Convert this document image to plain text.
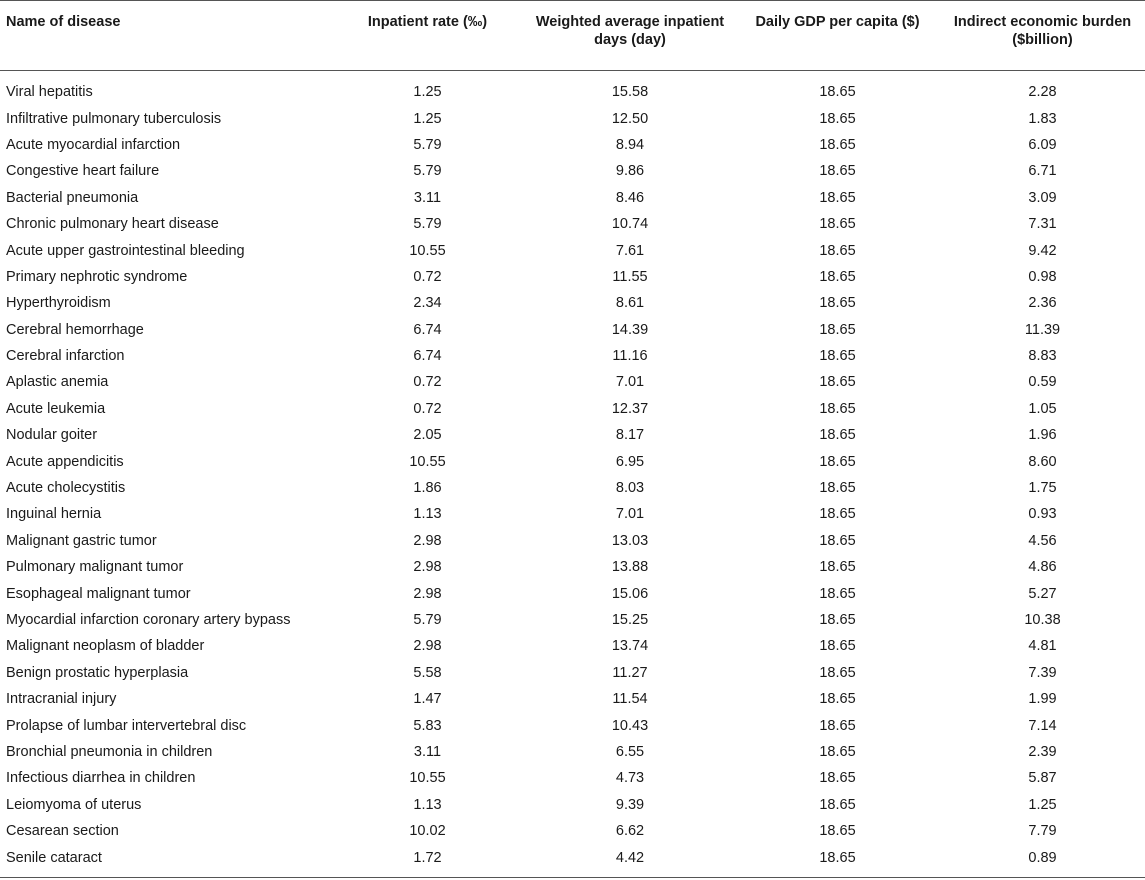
Name of disease	Inpatient rate (‰)	Weighted average inpatient days (day)	Daily GDP per capita ($)	Indirect economic burden ($billion)
Viral hepatitis	1.25	15.58	18.65	2.28
Infiltrative pulmonary tuberculosis	1.25	12.50	18.65	1.83
Acute myocardial infarction	5.79	8.94	18.65	6.09
Congestive heart failure	5.79	9.86	18.65	6.71
Bacterial pneumonia	3.11	8.46	18.65	3.09
Chronic pulmonary heart disease	5.79	10.74	18.65	7.31
Acute upper gastrointestinal bleeding	10.55	7.61	18.65	9.42
Primary nephrotic syndrome	0.72	11.55	18.65	0.98
Hyperthyroidism	2.34	8.61	18.65	2.36
Cerebral hemorrhage	6.74	14.39	18.65	11.39
Cerebral infarction	6.74	11.16	18.65	8.83
Aplastic anemia	0.72	7.01	18.65	0.59
Acute leukemia	0.72	12.37	18.65	1.05
Nodular goiter	2.05	8.17	18.65	1.96
Acute appendicitis	10.55	6.95	18.65	8.60
Acute cholecystitis	1.86	8.03	18.65	1.75
Inguinal hernia	1.13	7.01	18.65	0.93
Malignant gastric tumor	2.98	13.03	18.65	4.56
Pulmonary malignant tumor	2.98	13.88	18.65	4.86
Esophageal malignant tumor	2.98	15.06	18.65	5.27
Myocardial infarction coronary artery bypass	5.79	15.25	18.65	10.38
Malignant neoplasm of bladder	2.98	13.74	18.65	4.81
Benign prostatic hyperplasia	5.58	11.27	18.65	7.39
Intracranial injury	1.47	11.54	18.65	1.99
Prolapse of lumbar intervertebral disc	5.83	10.43	18.65	7.14
Bronchial pneumonia in children	3.11	6.55	18.65	2.39
Infectious diarrhea in children	10.55	4.73	18.65	5.87
Leiomyoma of uterus	1.13	9.39	18.65	1.25
Cesarean section	10.02	6.62	18.65	7.79
Senile cataract	1.72	4.42	18.65	0.89
